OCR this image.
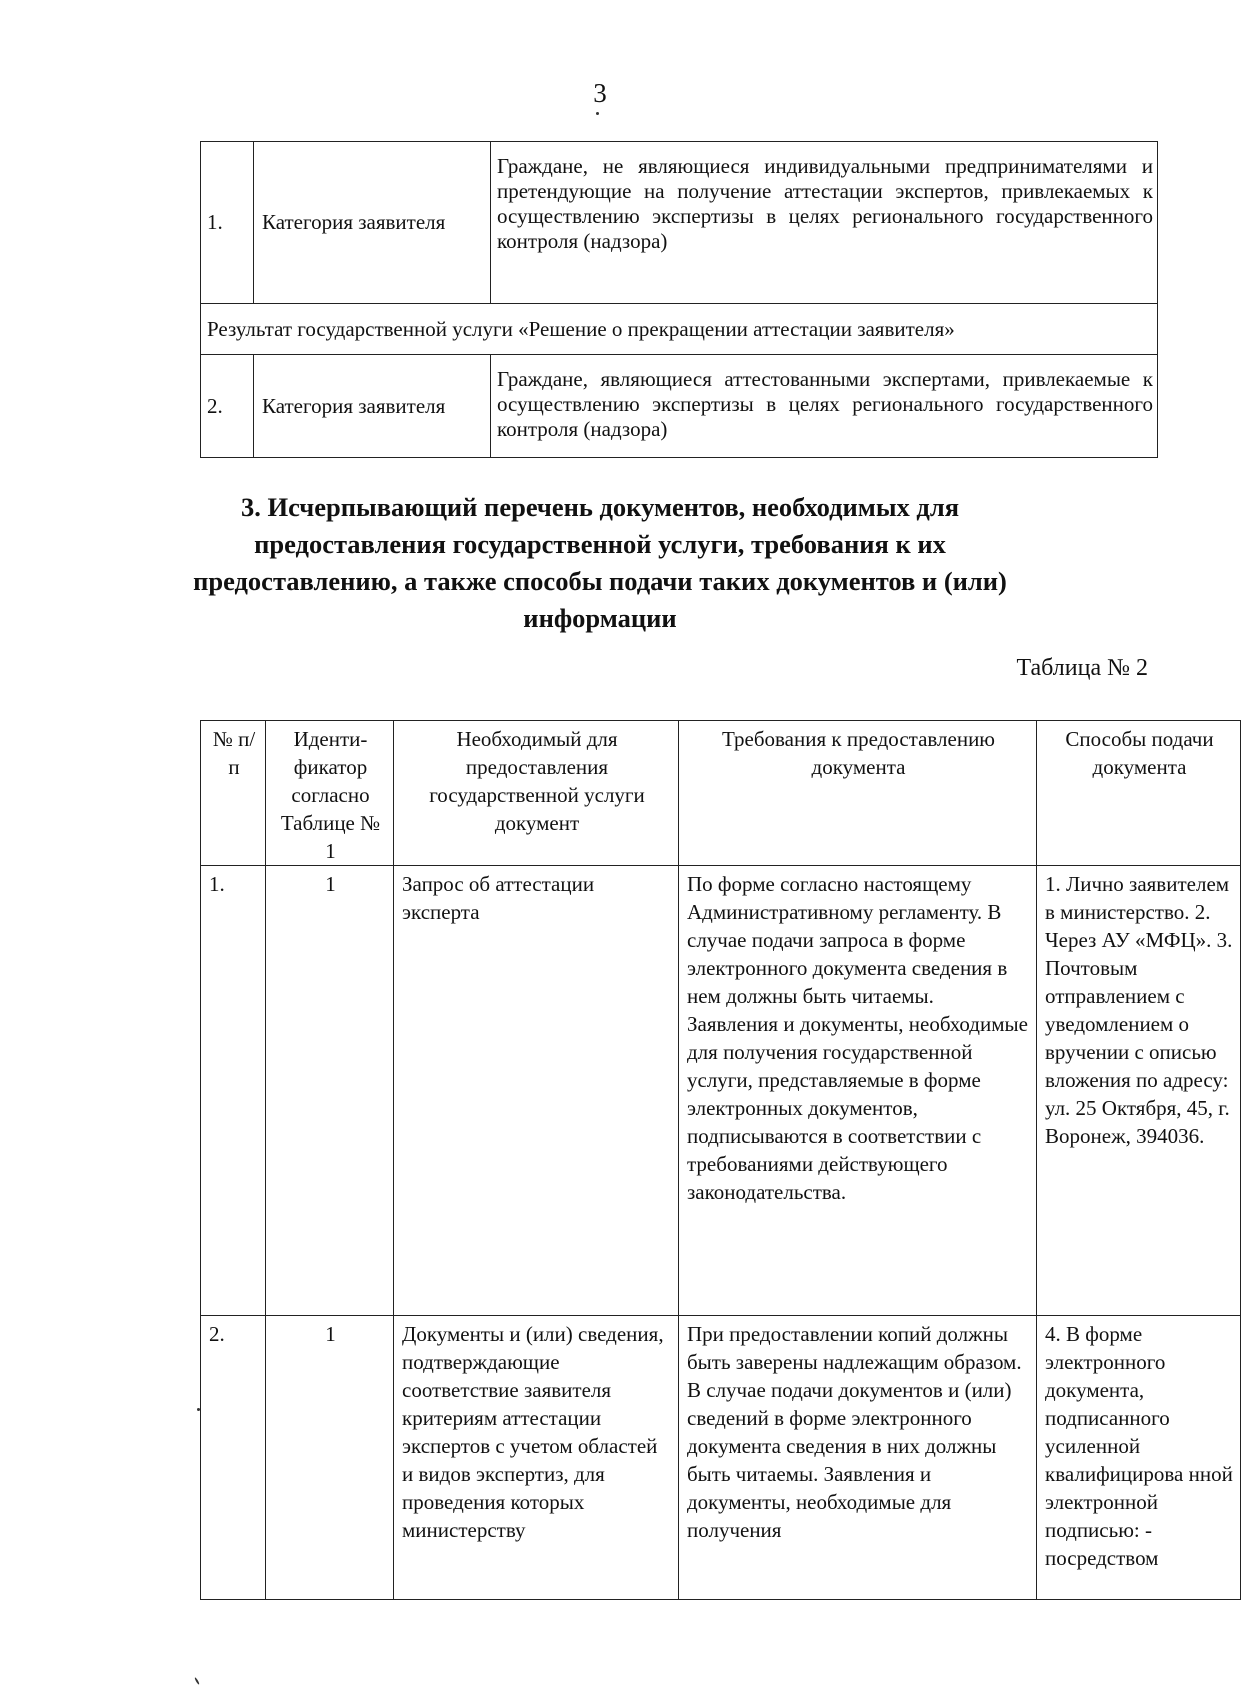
3
1.	Категория заявителя	Граждане, не являющиеся индивидуальными предпринимателями и претендующие на получение аттестации экспертов, привлекаемых к осуществлению экспертизы в целях регионального государственного контроля (надзора)
Результат государственной услуги «Решение о прекращении аттестации заявителя»		
2.	Категория заявителя	Граждане, являющиеся аттестованными экспертами, привлекаемые к осуществлению экспертизы в целях регионального государственного контроля (надзора)
3. Исчерпывающий перечень документов, необходимых для предоставления государственной услуги, требования к их предоставлению, а также способы подачи таких документов и (или) информации
Таблица № 2
№ п/п	Иденти-фикатор согласно Таблице № 1	Необходимый для предоставления государственной услуги документ	Требования к предоставлению документа	Способы подачи документа
1.	1	Запрос об аттестации эксперта	По форме согласно настоящему Административному регламенту. В случае подачи запроса в форме электронного документа сведения в нем должны быть читаемы. Заявления и документы, необходимые для получения государственной услуги, представляемые в форме электронных документов, подписываются в соответствии с требованиями действующего законодательства.	1. Лично заявителем в министерство. 2. Через АУ «МФЦ». 3. Почтовым отправлением с уведомлением о вручении с описью вложения по адресу: ул. 25 Октября, 45, г. Воронеж, 394036.
2.	1	Документы и (или) сведения, подтверждающие соответствие заявителя критериям аттестации экспертов с учетом областей и видов экспертиз, для проведения которых министерству	При предоставлении копий должны быть заверены надлежащим образом. В случае подачи документов и (или) сведений в форме электронного документа сведения в них должны быть читаемы. Заявления и документы, необходимые для получения	4. В форме электронного документа, подписанного усиленной квалифицирова нной электронной подписью: - посредством
